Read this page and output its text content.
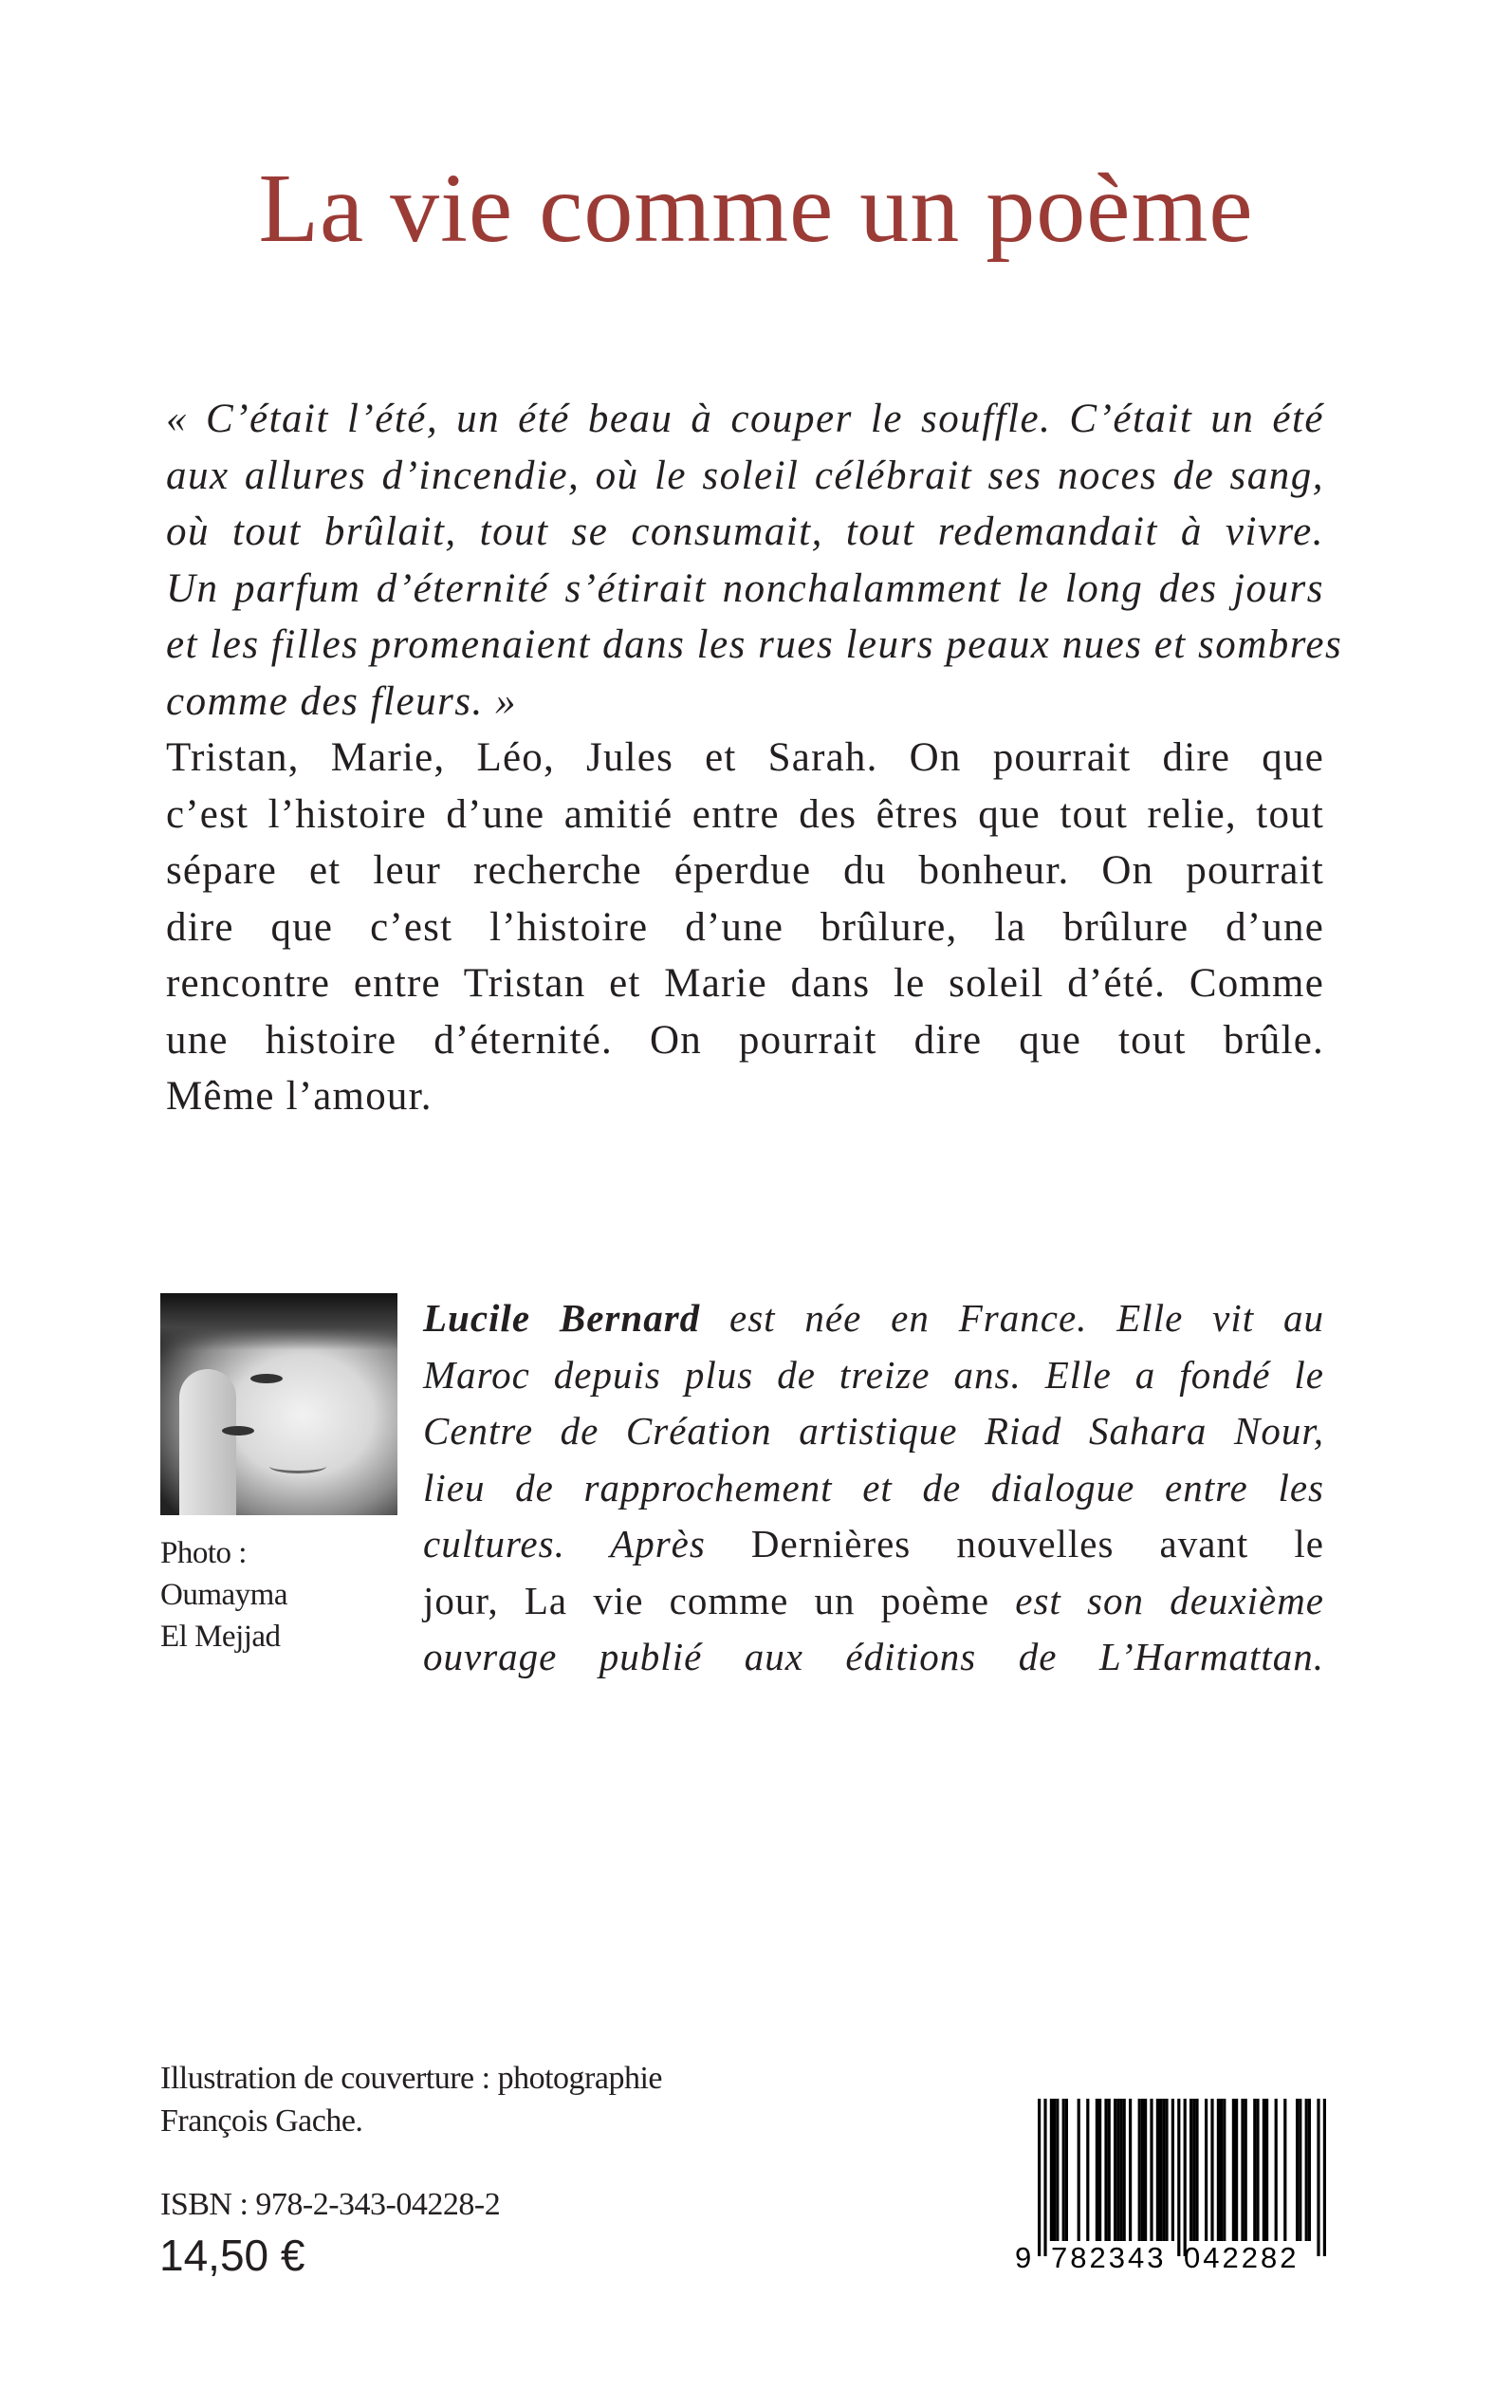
La vie comme un poème
« C’était l’été, un été beau à couper le souffle. C’était un été
aux allures d’incendie, où le soleil célébrait ses noces de sang,
où tout brûlait, tout se consumait, tout redemandait à vivre.
Un parfum d’éternité s’étirait nonchalamment le long des jours
et les filles promenaient dans les rues leurs peaux nues et sombres
comme des fleurs. »
Tristan, Marie, Léo, Jules et Sarah. On pourrait dire que
c’est l’histoire d’une amitié entre des êtres que tout relie, tout
sépare et leur recherche éperdue du bonheur. On pourrait
dire que c’est l’histoire d’une brûlure, la brûlure d’une
rencontre entre Tristan et Marie dans le soleil d’été. Comme
une histoire d’éternité. On pourrait dire que tout brûle.
Même l’amour.
Photo :
Oumayma
El Mejjad
Lucile Bernard est née en France. Elle vit au
Maroc depuis plus de treize ans. Elle a fondé le
Centre de Création artistique Riad Sahara Nour,
lieu de rapprochement et de dialogue entre les
cultures. Après Dernières nouvelles avant le
jour, La vie comme un poème est son deuxième
ouvrage publié aux éditions de L’Harmattan.
Illustration de couverture : photographie
François Gache.
ISBN : 978-2-343-04228-2
14,50 €	9 782343 042282
